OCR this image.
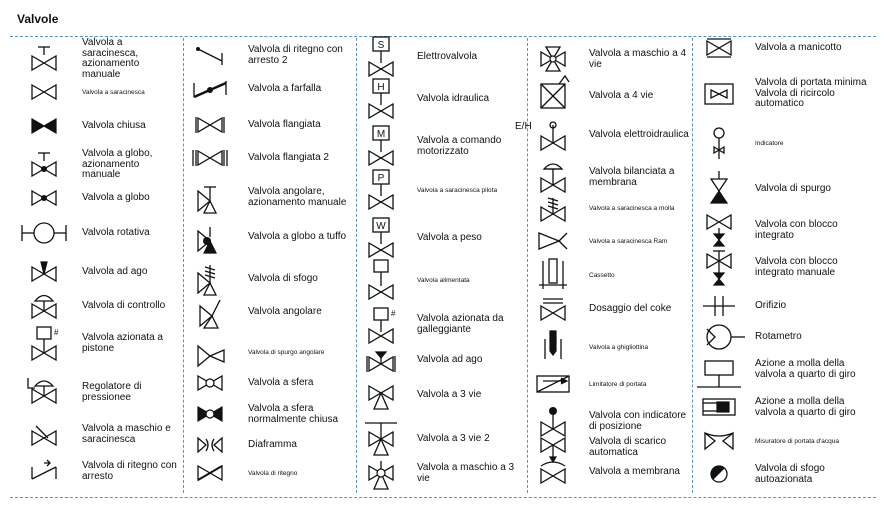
Valvole
E/H
Valvola a saracinesca, azionamento manuale
Valvola a saracinesca
Valvola chiusa
Valvola a globo, azionamento manuale
Valvola a globo
Valvola rotativa
Valvola ad ago
Valvola di controllo
# Valvola azionata a pistone
Regolatore di pressionee
Valvola a maschio e saracinesca
Valvola di ritegno con arresto
Valvola di ritegno con arresto 2
Valvola a farfalla
Valvola flangiata
Valvola flangiata 2
Valvola angolare, azionamento manuale
Valvola a globo a tuffo
Valvola di sfogo
Valvola angolare
Valvola di spurgo angolare
Valvola a sfera
Valvola a sfera normalmente chiusa
Diaframma
Valvola di ritegno
S
Elettrovalvola
H
Valvola idraulica
M
Valvola a comando motorizzato
P
Valvola a saracinesca pilota
W
Valvola a peso
Valvola alimentata
# Valvola azionata da galleggiante
Valvola ad ago
Valvola a 3 vie
Valvola a 3 vie 2
Valvola a maschio a 3 vie
Valvola a maschio a 4 vie
Valvola a 4 vie
Valvola elettroidraulica
Valvola bilanciata a membrana
Valvola a saracinesca a molla
Valvola a saracinesca Ram
Cassetto
Dosaggio del coke
Valvola a ghigliottina
Limitatore di portata
Valvola con indicatore di posizione
Valvola di scarico automatica
Valvola a membrana
Valvola a manicotto
Valvola di portata minima Valvola di ricircolo automatico
Indicatore
Valvola di spurgo
Valvola con blocco integrato
Valvola con blocco integrato manuale
Orifizio
Rotametro
Azione a molla della valvola a quarto di giro
Azione a molla della valvola a quarto di giro
Misuratore di portata d'acqua
Valvola di sfogo autoazionata
